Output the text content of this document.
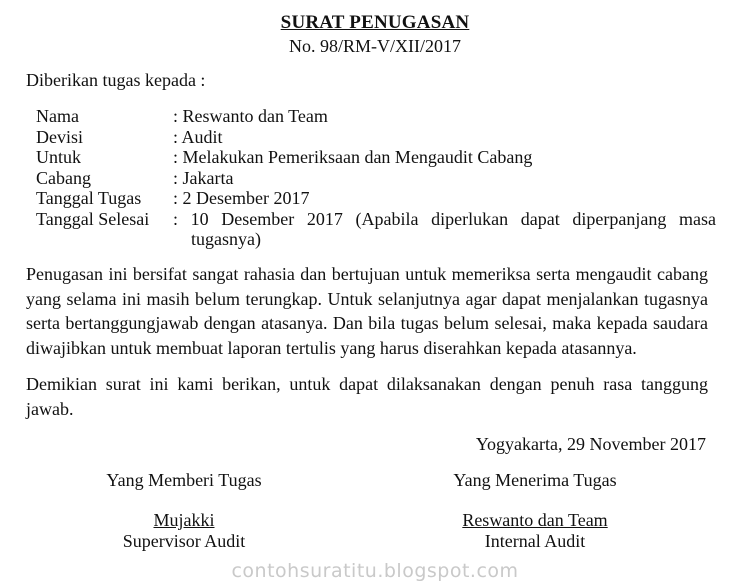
SURAT PENUGASAN
No. 98/RM-V/XII/2017
Diberikan tugas kepada :
Nama	: Reswanto dan Team
Devisi	: Audit
Untuk	: Melakukan Pemeriksaan dan Mengaudit Cabang
Cabang	: Jakarta
Tanggal Tugas	: 2 Desember 2017
Tanggal Selesai	: 10 Desember 2017 (Apabila diperlukan dapat diperpanjang masa
tugasnya)
Penugasan ini bersifat sangat rahasia dan bertujuan untuk memeriksa serta mengaudit cabang
yang selama ini masih belum terungkap. Untuk selanjutnya agar dapat menjalankan tugasnya
serta bertanggungjawab dengan atasanya. Dan bila tugas belum selesai, maka kepada saudara
diwajibkan untuk membuat laporan tertulis yang harus diserahkan kepada atasannya.
Demikian surat ini kami berikan, untuk dapat dilaksanakan dengan penuh rasa tanggung
jawab.
Yogyakarta, 29 November 2017
Yang Memberi Tugas
Mujakki
Supervisor Audit
Yang Menerima Tugas
Reswanto dan Team
Internal Audit
contohsuratitu.blogspot.com
